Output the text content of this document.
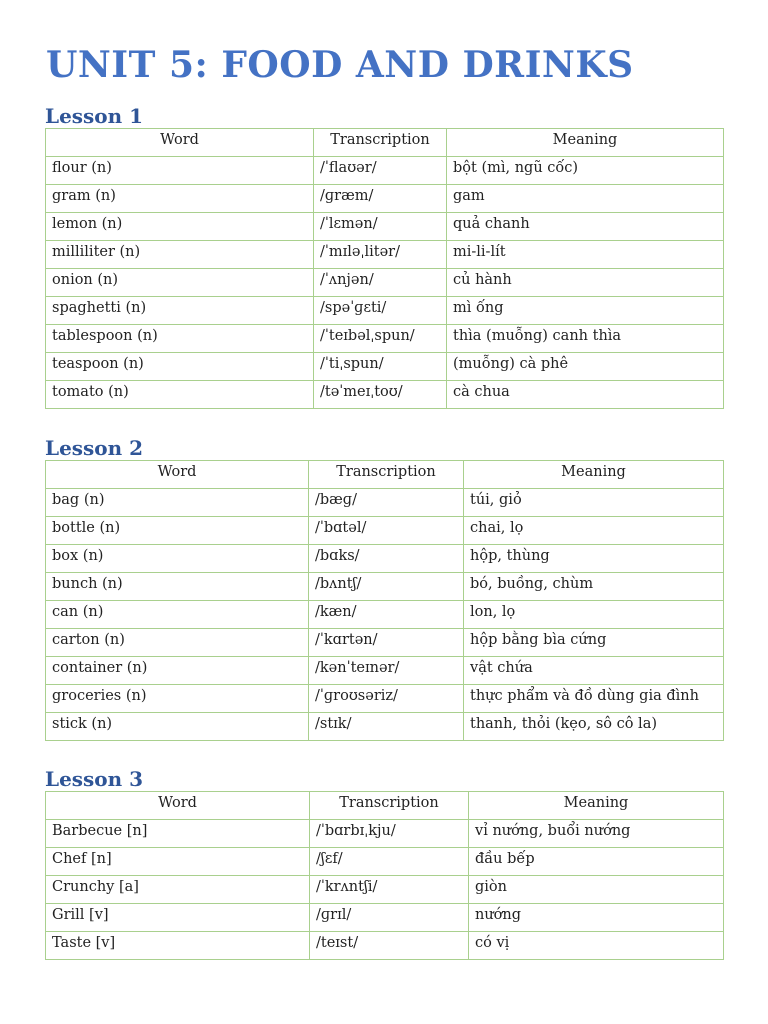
UNIT 5: FOOD AND DRINKS
Lesson 1
Word	Transcription	Meaning
flour (n)	/ˈflaʊər/	bột (mì, ngũ cốc)
gram (n)	/ɡræm/	gam
lemon (n)	/ˈlɛmən/	quả chanh
milliliter (n)	/ˈmɪləˌlitər/	mi-li-lít
onion (n)	/ˈʌnjən/	củ hành
spaghetti (n)	/spəˈɡɛti/	mì ống
tablespoon (n)	/ˈteɪbəlˌspun/	thìa (muỗng) canh thìa
teaspoon (n)	/ˈtiˌspun/	(muỗng) cà phê
tomato (n)	/təˈmeɪˌtoʊ/	cà chua
Lesson 2
Word	Transcription	Meaning
bag (n)	/bæɡ/	túi, giỏ
bottle (n)	/ˈbɑtəl/	chai, lọ
box (n)	/bɑks/	hộp, thùng
bunch (n)	/bʌntʃ/	bó, buồng, chùm
can (n)	/kæn/	lon, lọ
carton (n)	/ˈkɑrtən/	hộp bằng bìa cứng
container (n)	/kənˈteɪnər/	vật chứa
groceries (n)	/ˈɡroʊsəriz/	thực phẩm và đồ dùng gia đình
stick (n)	/stɪk/	thanh, thỏi (kẹo, sô cô la)
Lesson 3
Word	Transcription	Meaning
Barbecue [n]	/ˈbɑrbɪˌkju/	vỉ nướng, buổi nướng
Chef [n]	/ʃɛf/	đầu bếp
Crunchy [a]	/ˈkrʌntʃi/	giòn
Grill [v]	/ɡrɪl/	nướng
Taste [v]	/teɪst/	có vị
